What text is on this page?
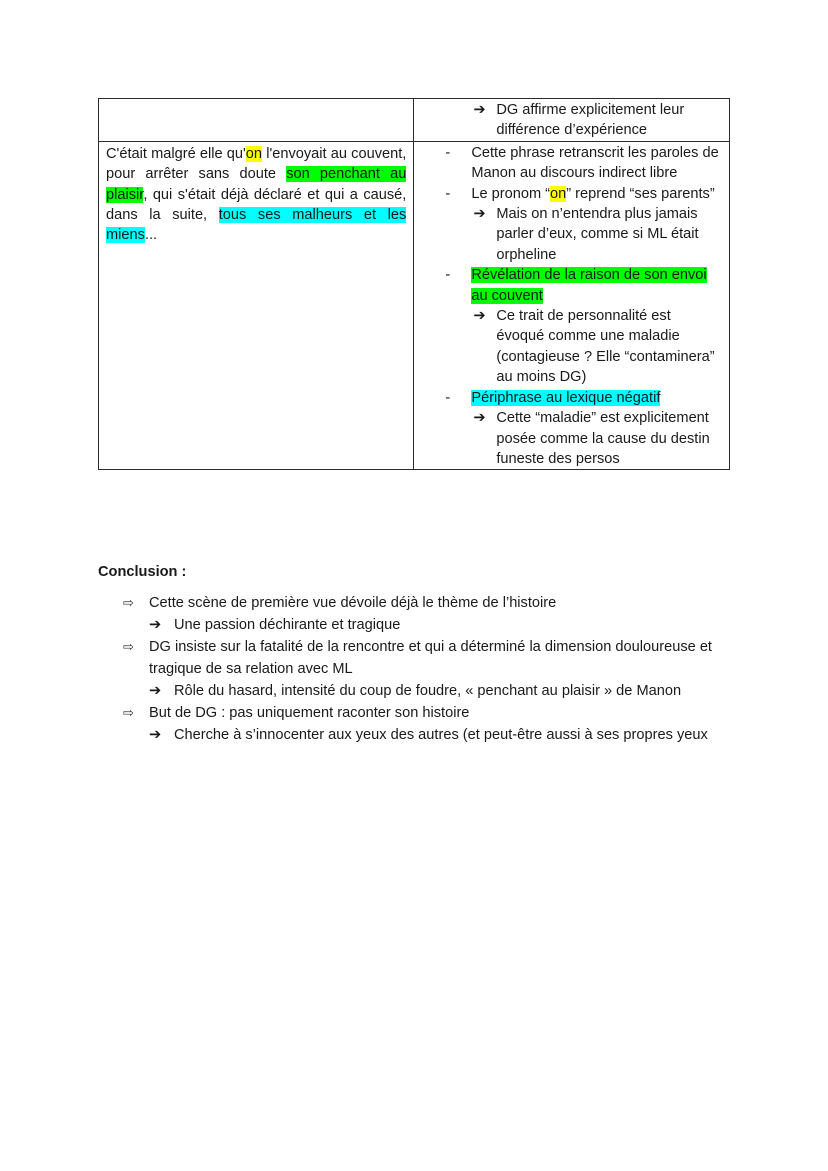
	➔ DG affirme explicitement leur différence d’expérience

C'était malgré elle qu'on l'envoyait au couvent, pour arrêter sans doute son penchant au plaisir, qui s'était déjà déclaré et qui a causé, dans la suite, tous ses malheurs et les miens...

- Cette phrase retranscrit les paroles de Manon au discours indirect libre
- Le pronom “on” reprend “ses parents”
➔ Mais on n’entendra plus jamais parler d’eux, comme si ML était orpheline
- Révélation de la raison de son envoi au couvent
➔ Ce trait de personnalité est évoqué comme une maladie (contagieuse ? Elle “contaminera” au moins DG)
- Périphrase au lexique négatif
➔ Cette “maladie” est explicitement posée comme la cause du destin funeste des persos
Conclusion :
⇨ Cette scène de première vue dévoile déjà le thème de l’histoire
➔ Une passion déchirante et tragique
⇨ DG insiste sur la fatalité de la rencontre et qui a déterminé la dimension douloureuse et tragique de sa relation avec ML
➔ Rôle du hasard, intensité du coup de foudre, « penchant au plaisir » de Manon
⇨ But de DG : pas uniquement raconter son histoire
➔ Cherche à s’innocenter aux yeux des autres (et peut-être aussi à ses propres yeux
